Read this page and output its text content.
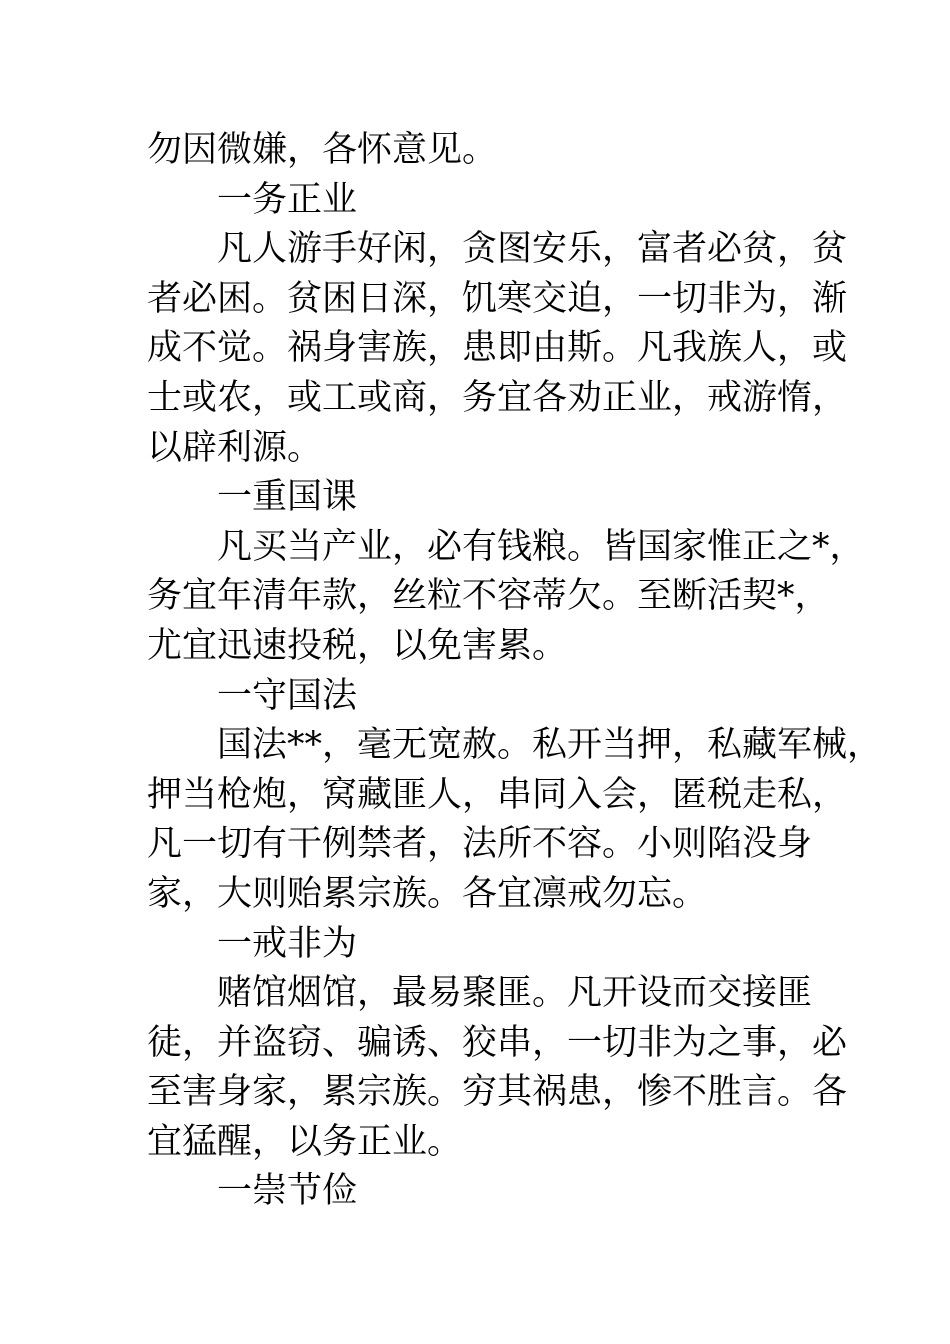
勿因微嫌，各怀意见。
一务正业
凡人游手好闲，贪图安乐，富者必贫，贫
者必困。贫困日深，饥寒交迫，一切非为，渐
成不觉。祸身害族，患即由斯。凡我族人，或
士或农，或工或商，务宜各劝正业，戒游惰，
以辟利源。
一重国课
凡买当产业，必有钱粮。皆国家惟正之*，
务宜年清年款，丝粒不容蒂欠。至断活契*，
尤宜迅速投税，以免害累。
一守国法
国法**，毫无宽赦。私开当押，私藏军械，
押当枪炮，窝藏匪人，串同入会，匿税走私，
凡一切有干例禁者，法所不容。小则陷没身
家，大则贻累宗族。各宜凛戒勿忘。
一戒非为
赌馆烟馆，最易聚匪。凡开设而交接匪
徒，并盗窃、骗诱、狡串，一切非为之事，必
至害身家，累宗族。穷其祸患，惨不胜言。各
宜猛醒，以务正业。
一崇节俭
